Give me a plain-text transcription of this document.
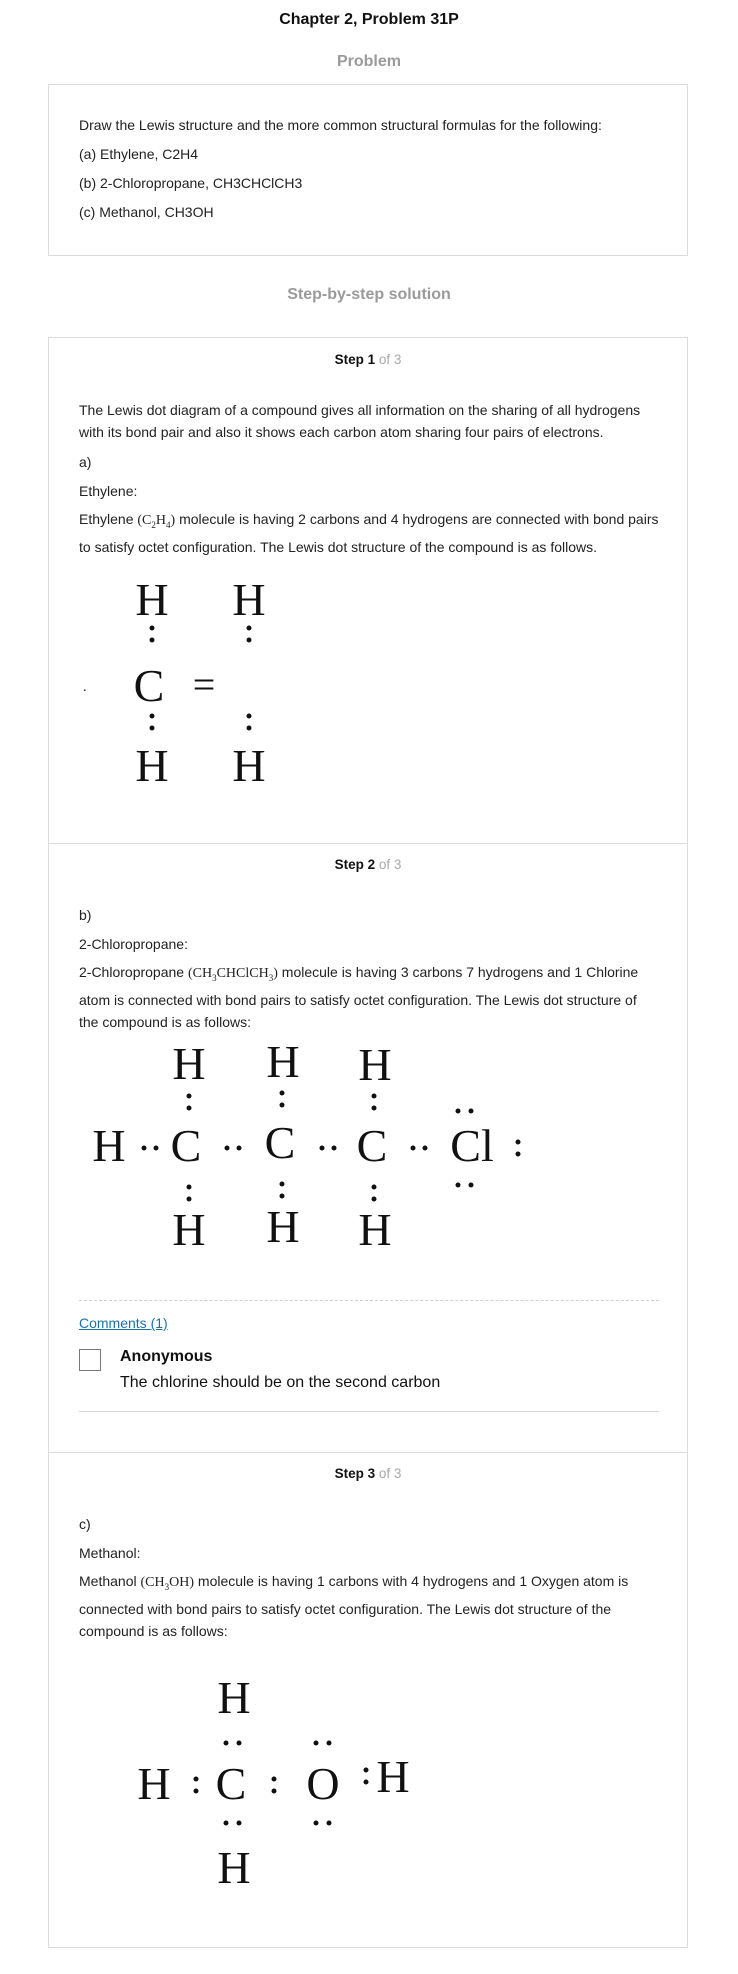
Chapter 2, Problem 31P
Problem

Draw the Lewis structure and the more common structural formulas for the following:

(a) Ethylene, C2H4

(b) 2-Chloropropane, CH3CHClCH3

(c) Methanol, CH3OH

Step-by-step solution
Step 1 of 3

The Lewis dot diagram of a compound gives all information on the sharing of all hydrogens with its bond pair and also it shows each carbon atom sharing four pairs of electrons.

a)

Ethylene:

Ethylene $(C_2H_4)$ molecule is having 2 carbons and 4 hydrogens are connected with bond pairs to satisfy octet configuration. The Lewis dot structure of the compound is as follows.

H H
C
H H
=
.
Step 2 of 3

b)

2-Chloropropane:

2-Chloropropane $(CH_3CHClCH_3)$ molecule is having 3 carbons 7 hydrogens and 1 Chlorine atom is connected with bond pairs to satisfy octet configuration. The Lewis dot structure of the compound is as follows:

H H H
H C C C Cl
H H H
Comments (1)
Anonymous
The chlorine should be on the second carbon
Step 3 of 3

c)

Methanol:

Methanol $(CH_3OH)$ molecule is having 1 carbons with 4 hydrogens and 1 Oxygen atom is connected with bond pairs to satisfy octet configuration. The Lewis dot structure of the compound is as follows:

H
H C O H
H
